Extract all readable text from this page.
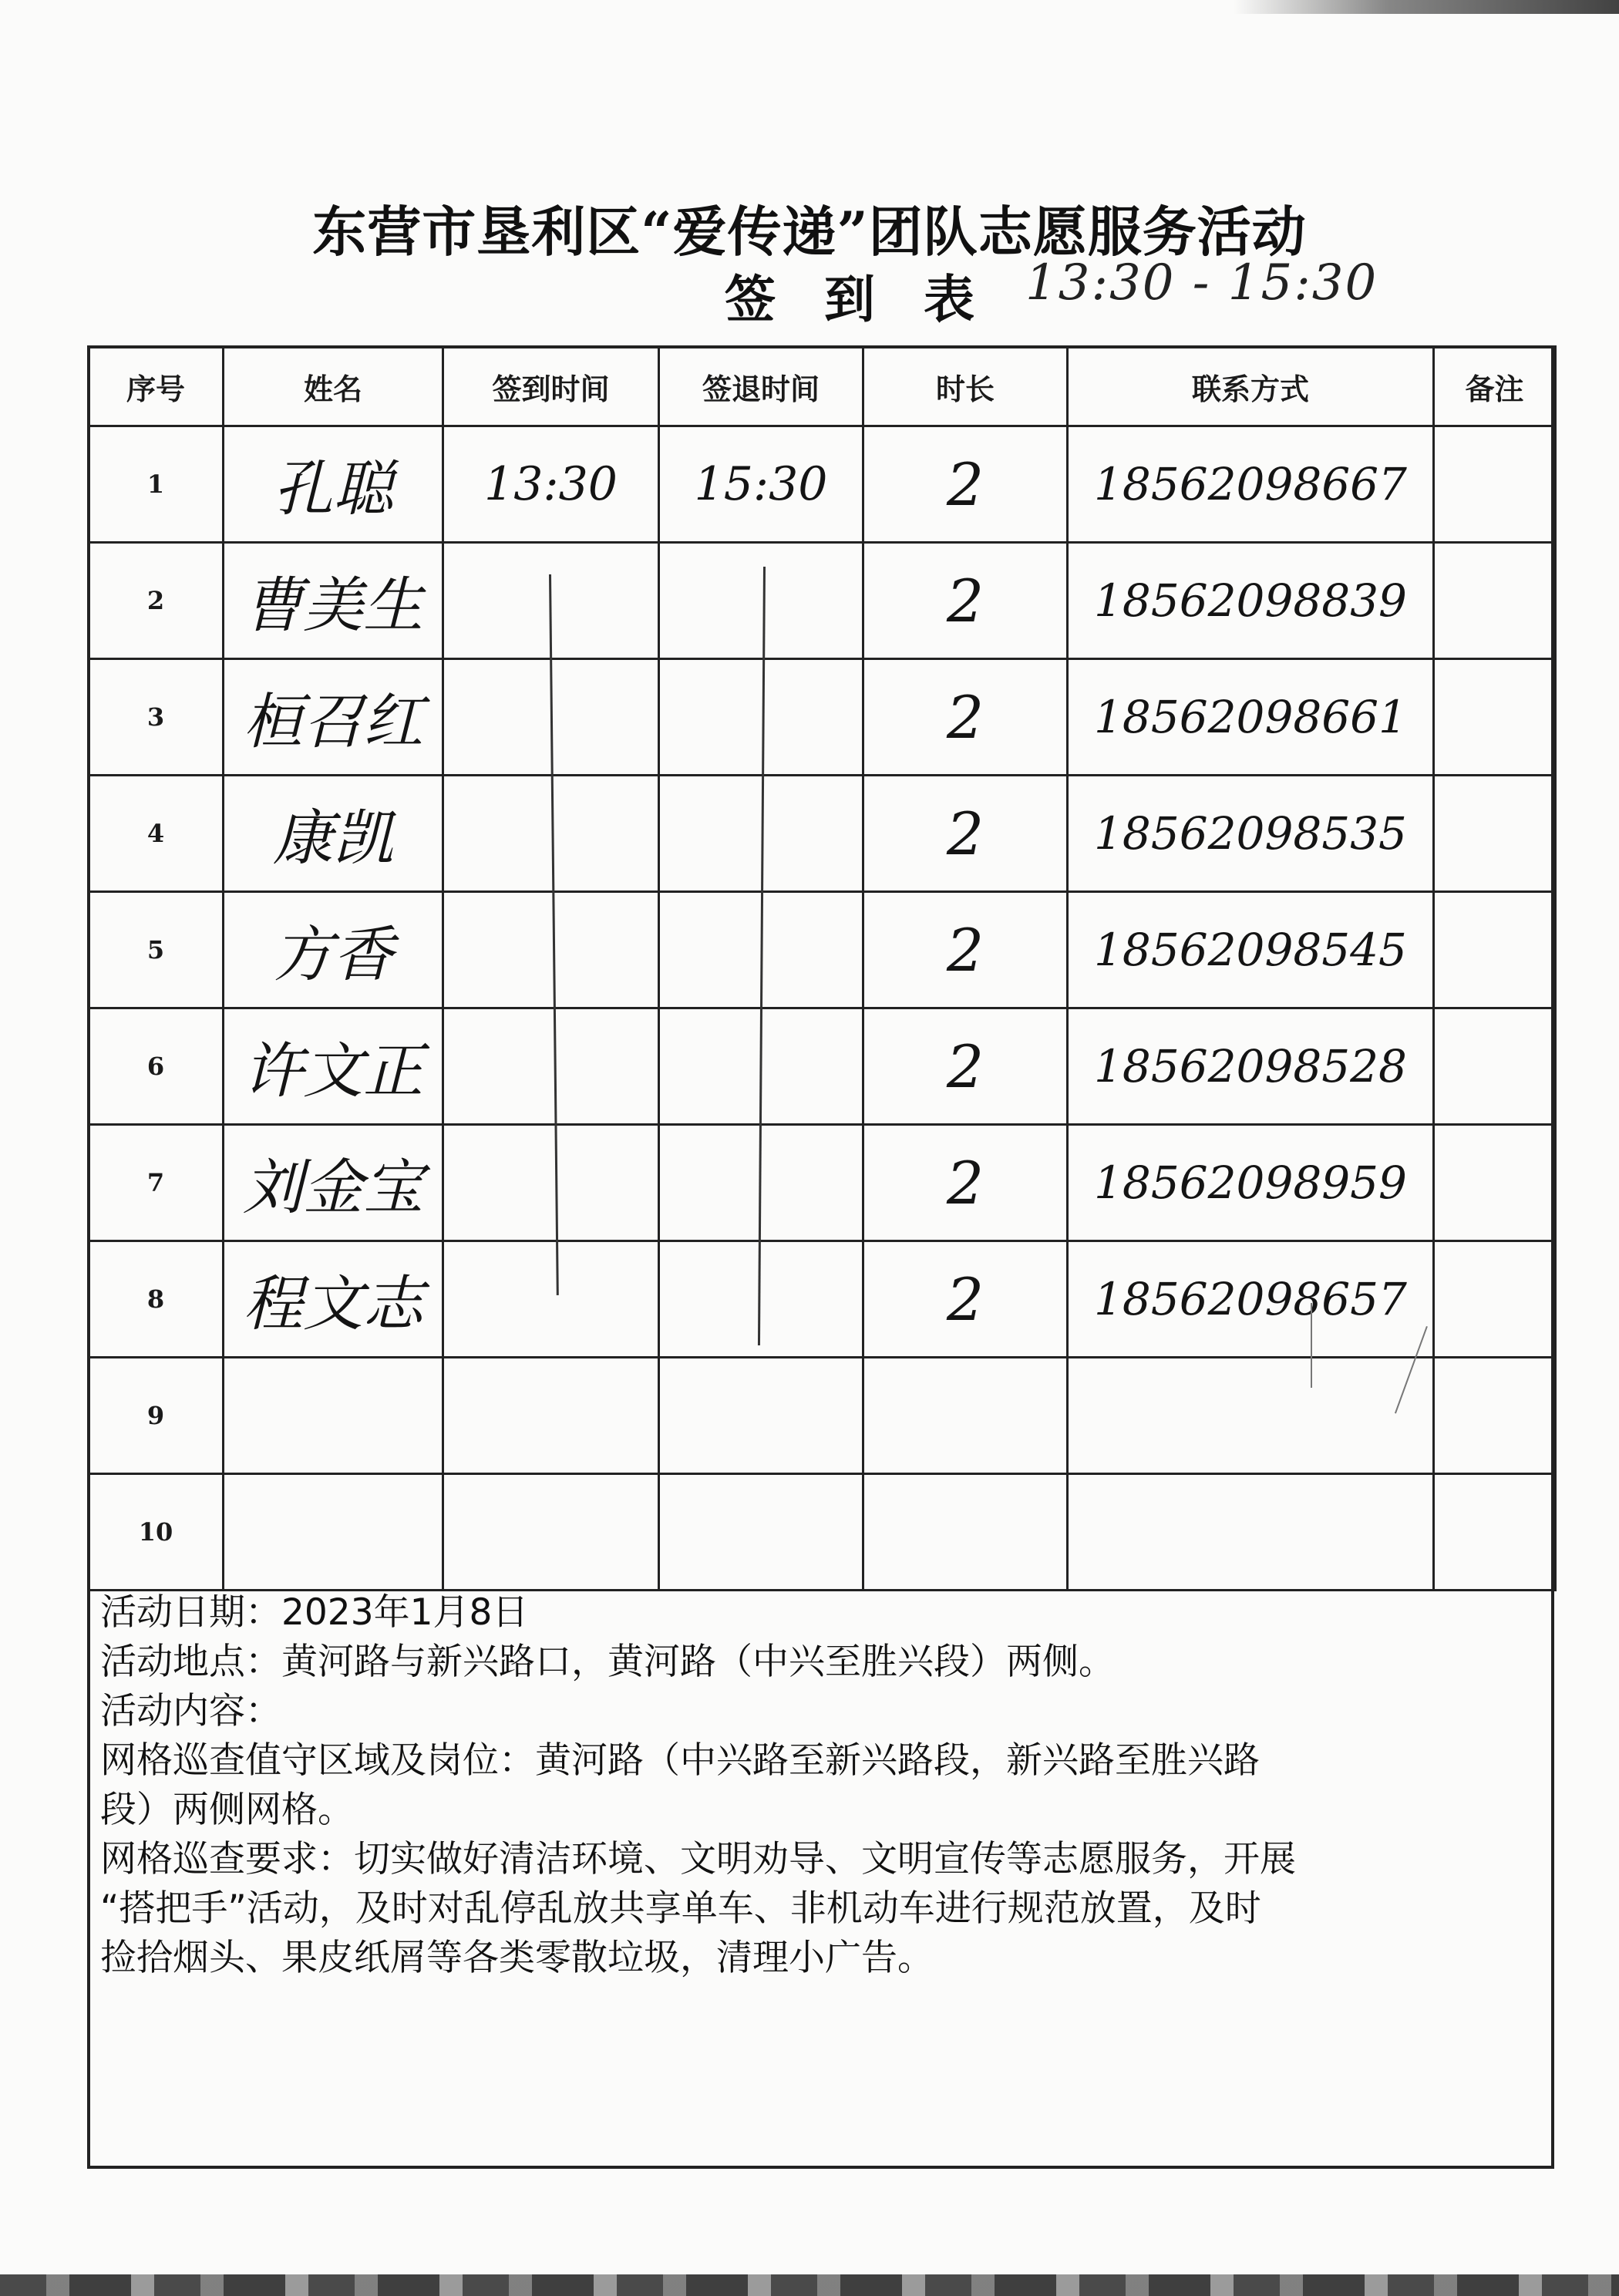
东营市垦利区“爱传递”团队志愿服务活动
签 到 表 13:30 - 15:30
序号	姓名	签到时间	签退时间	时长	联系方式	备注
1	孔聪	13:30	15:30	2	18562098667	
2	曹美生			2	18562098839	
3	桓召红			2	18562098661	
4	康凯			2	18562098535	
5	方香			2	18562098545	
6	许文正			2	18562098528	
7	刘金宝			2	18562098959	
8	程文志			2	18562098657	
9						
10						

活动日期：2023年1月8日

活动地点：黄河路与新兴路口，黄河路（中兴至胜兴段）两侧。

活动内容：

网格巡查值守区域及岗位：黄河路（中兴路至新兴路段，新兴路至胜兴路

段）两侧网格。

网格巡查要求：切实做好清洁环境、文明劝导、文明宣传等志愿服务，开展

“搭把手”活动，及时对乱停乱放共享单车、非机动车进行规范放置，及时

捡拾烟头、果皮纸屑等各类零散垃圾，清理小广告。
